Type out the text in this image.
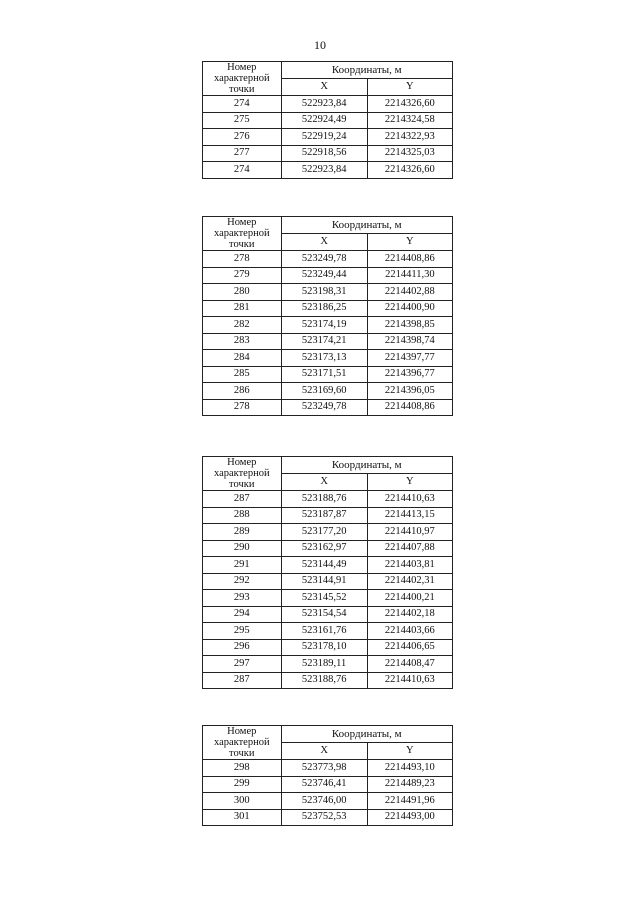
10
Номер характерной точки	Координаты, м	
	X	Y
274	522923,84	2214326,60
275	522924,49	2214324,58
276	522919,24	2214322,93
277	522918,56	2214325,03
274	522923,84	2214326,60
Номер характерной точки	Координаты, м	
	X	Y
278	523249,78	2214408,86
279	523249,44	2214411,30
280	523198,31	2214402,88
281	523186,25	2214400,90
282	523174,19	2214398,85
283	523174,21	2214398,74
284	523173,13	2214397,77
285	523171,51	2214396,77
286	523169,60	2214396,05
278	523249,78	2214408,86
Номер характерной точки	Координаты, м	
	X	Y
287	523188,76	2214410,63
288	523187,87	2214413,15
289	523177,20	2214410,97
290	523162,97	2214407,88
291	523144,49	2214403,81
292	523144,91	2214402,31
293	523145,52	2214400,21
294	523154,54	2214402,18
295	523161,76	2214403,66
296	523178,10	2214406,65
297	523189,11	2214408,47
287	523188,76	2214410,63
Номер характерной точки	Координаты, м	
	X	Y
298	523773,98	2214493,10
299	523746,41	2214489,23
300	523746,00	2214491,96
301	523752,53	2214493,00
